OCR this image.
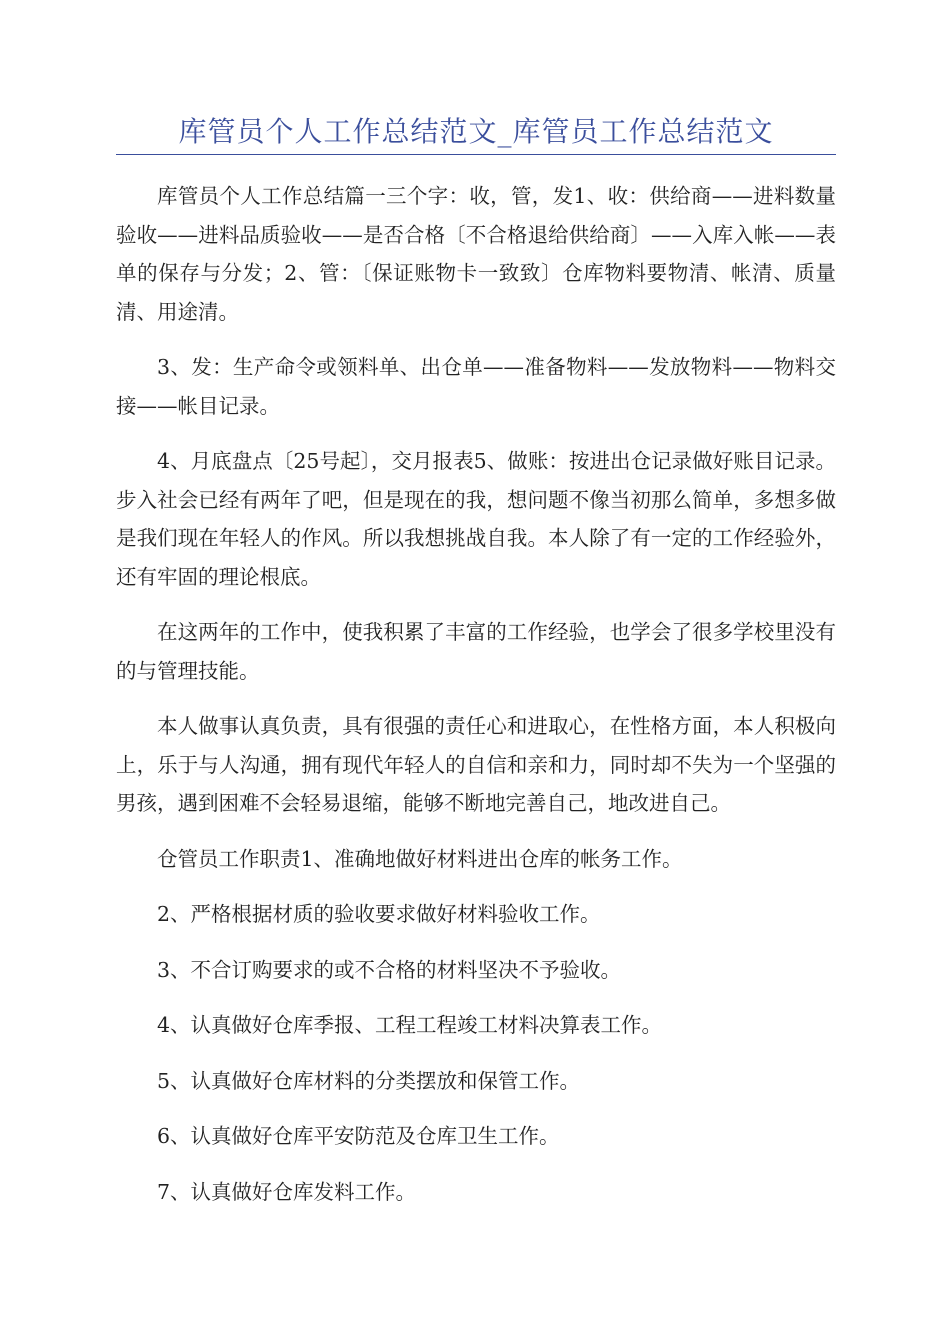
库管员个人工作总结范文_库管员工作总结范文

库管员个人工作总结篇一三个字：收，管，发1、收：供给商——进料数量验收——进料品质验收——是否合格〔不合格退给供给商〕——入库入帐——表单的保存与分发；2、管：〔保证账物卡一致致〕仓库物料要物清、帐清、质量清、用途清。

3、发：生产命令或领料单、出仓单——准备物料——发放物料——物料交接——帐目记录。

4、月底盘点〔25号起〕，交月报表5、做账：按进出仓记录做好账目记录。步入社会已经有两年了吧，但是现在的我，想问题不像当初那么简单，多想多做是我们现在年轻人的作风。所以我想挑战自我。本人除了有一定的工作经验外，还有牢固的理论根底。

在这两年的工作中，使我积累了丰富的工作经验，也学会了很多学校里没有的与管理技能。

本人做事认真负责，具有很强的责任心和进取心，在性格方面，本人积极向上，乐于与人沟通，拥有现代年轻人的自信和亲和力，同时却不失为一个坚强的男孩，遇到困难不会轻易退缩，能够不断地完善自己，地改进自己。

仓管员工作职责1、准确地做好材料进出仓库的帐务工作。

2、严格根据材质的验收要求做好材料验收工作。

3、不合订购要求的或不合格的材料坚决不予验收。

4、认真做好仓库季报、工程工程竣工材料决算表工作。

5、认真做好仓库材料的分类摆放和保管工作。

6、认真做好仓库平安防范及仓库卫生工作。

7、认真做好仓库发料工作。
